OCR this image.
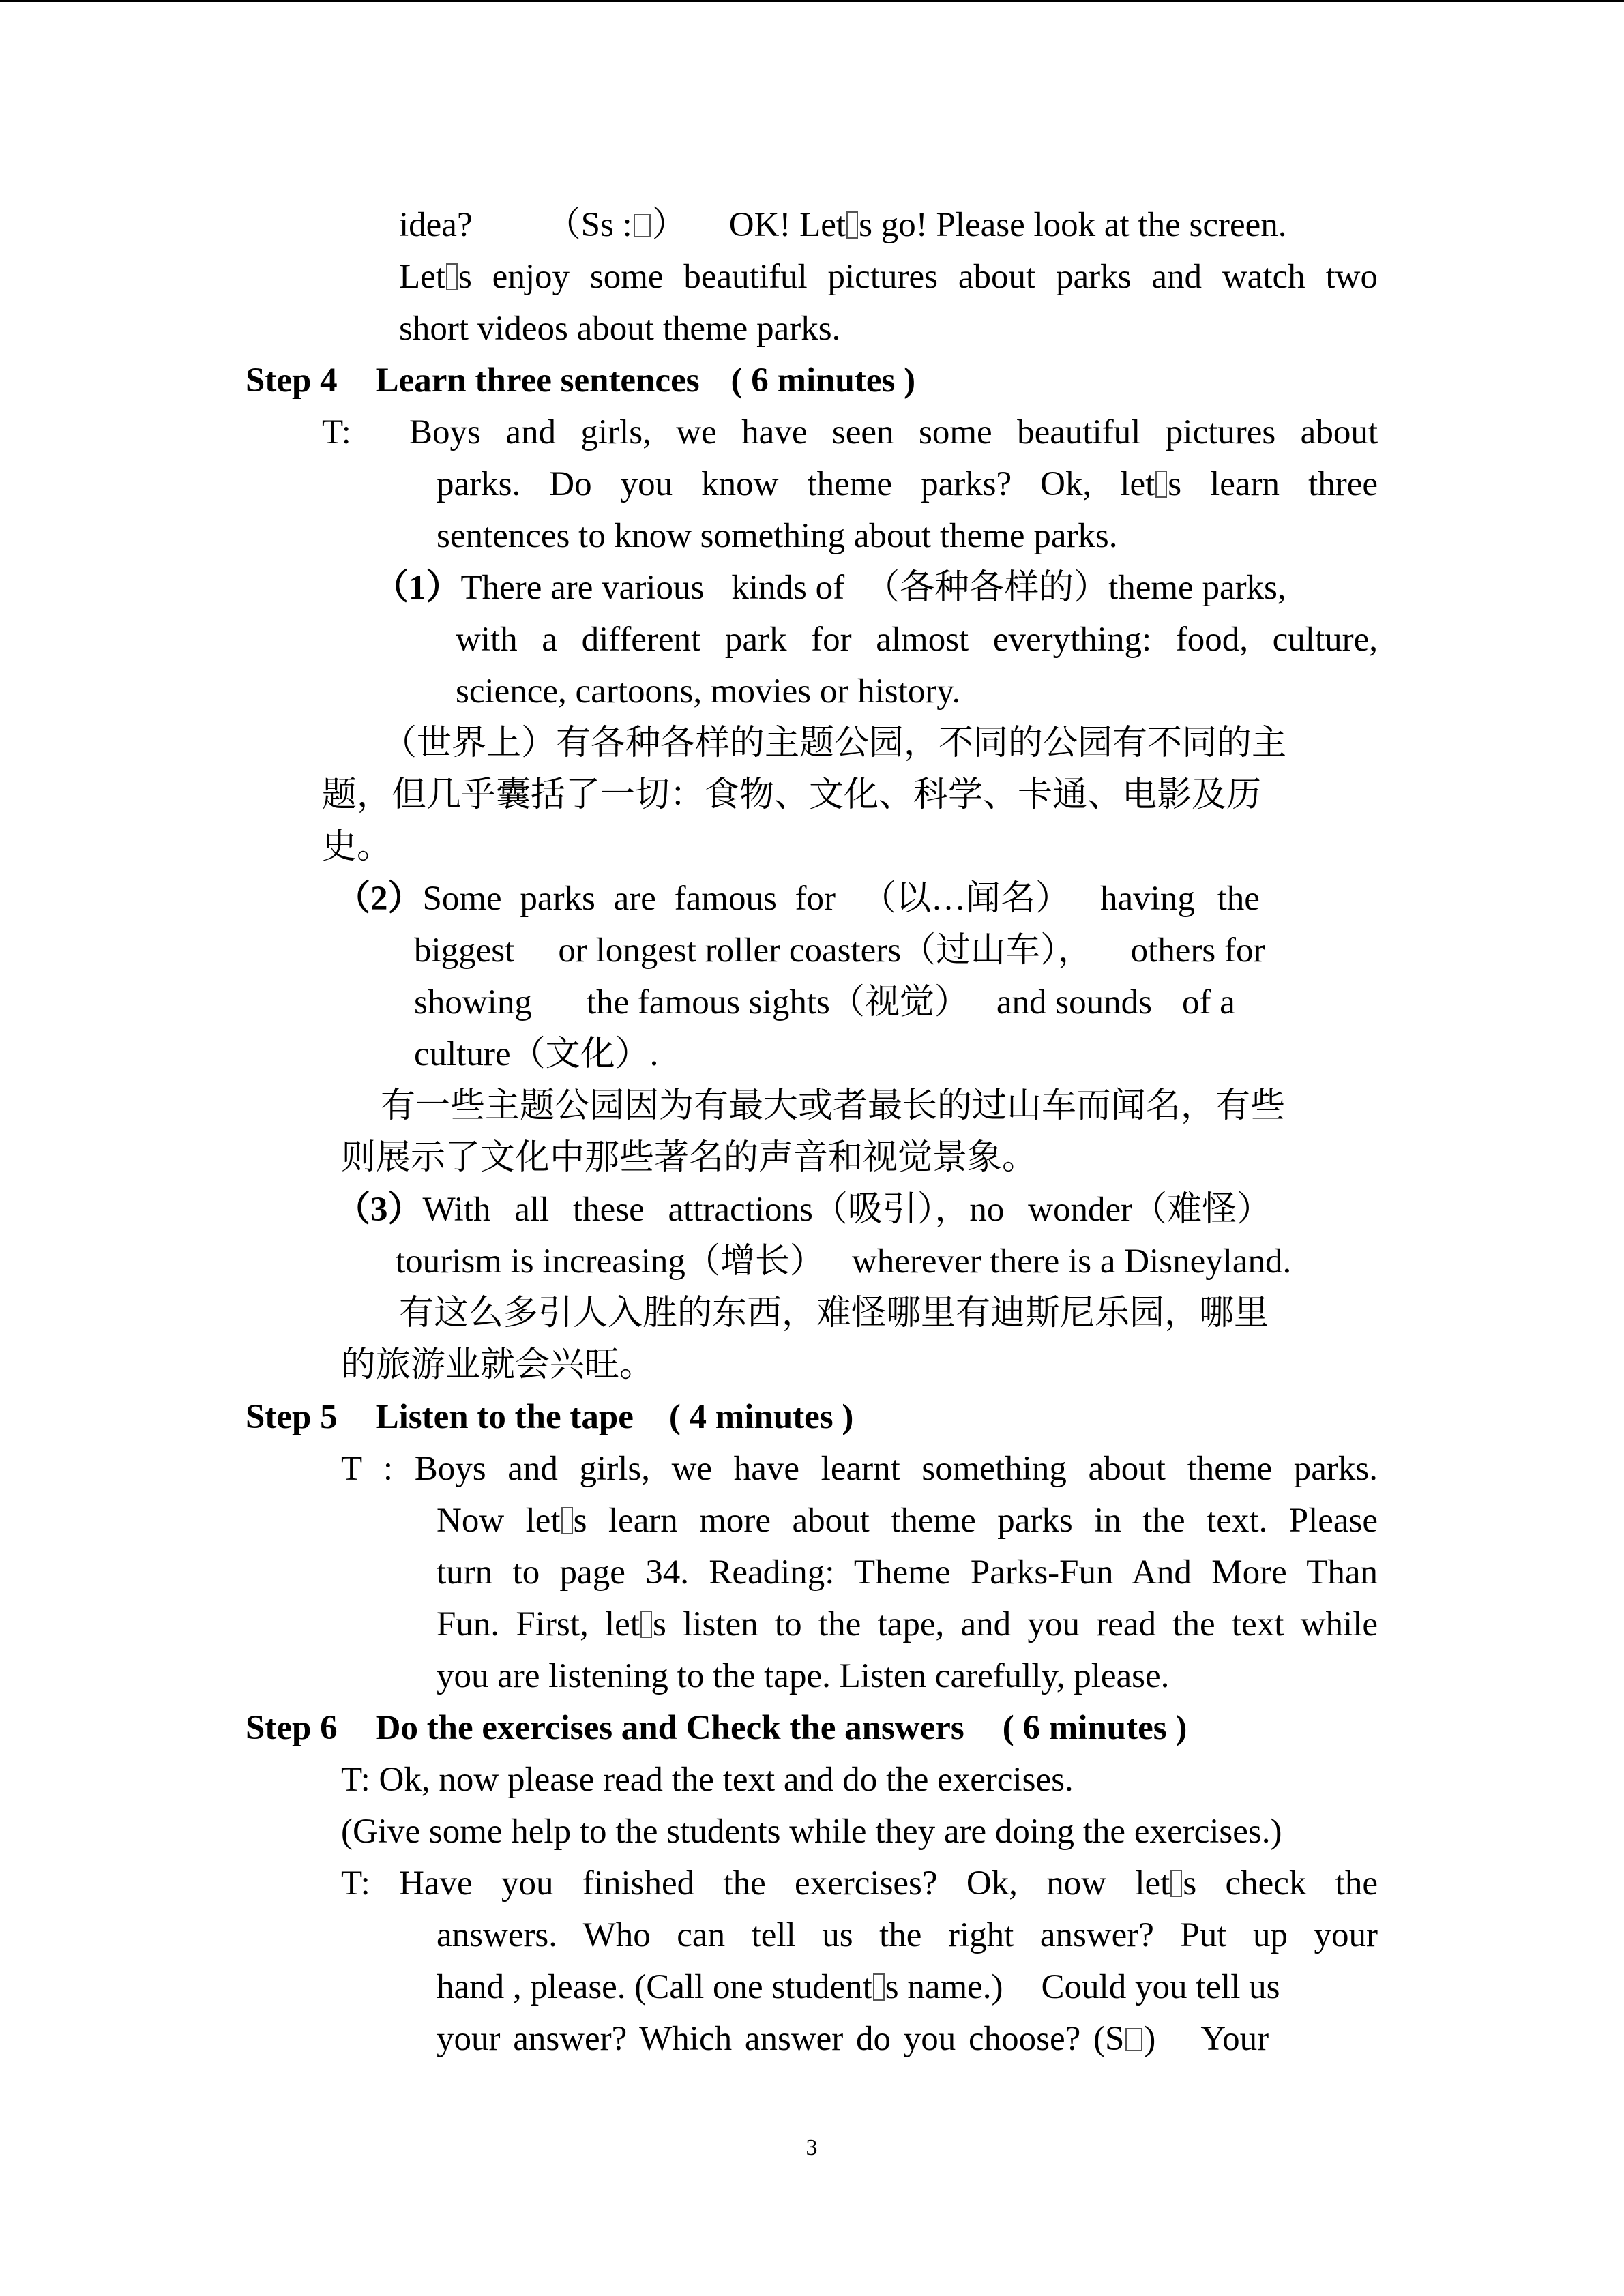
idea? （Ss : ） OK! Let s go! Please look at the screen.
Let s enjoy some beautiful pictures about parks and watch two
short videos about theme parks.
Step 4 Learn three sentences ( 6 minutes )
T: Boys and girls, we have seen some beautiful pictures about
parks. Do you know theme parks? Ok, let s learn three
sentences to know something about theme parks.
（1）There are various kinds of （各种各样的）theme parks,
with a different park for almost everything: food, culture,
science, cartoons, movies or history.
（世界上）有各种各样的主题公园，不同的公园有不同的主
题，但几乎囊括了一切：食物、文化、科学、卡通、电影及历
史。
（2）Some parks are famous for （以…闻名） having the
biggest or longest roller coasters（过山车）， others for
showing the famous sights（视觉） and sounds of a
culture（文化）.
有一些主题公园因为有最大或者最长的过山车而闻名，有些
则展示了文化中那些著名的声音和视觉景象。
（3）With all these attractions（吸引），no wonder（难怪）
tourism is increasing（增长） wherever there is a Disneyland.
有这么多引人入胜的东西，难怪哪里有迪斯尼乐园，哪里
的旅游业就会兴旺。
Step 5 Listen to the tape ( 4 minutes )
T : Boys and girls, we have learnt something about theme parks.
Now let s learn more about theme parks in the text. Please
turn to page 34. Reading: Theme Parks-Fun And More Than
Fun. First, let s listen to the tape, and you read the text while
you are listening to the tape. Listen carefully, please.
Step 6 Do the exercises and Check the answers ( 6 minutes )
T: Ok, now please read the text and do the exercises.
(Give some help to the students while they are doing the exercises.)
T: Have you finished the exercises? Ok, now let s check the
answers. Who can tell us the right answer? Put up your
hand , please. (Call one student s name.) Could you tell us
your answer? Which answer do you choose? (S ) Your
3
